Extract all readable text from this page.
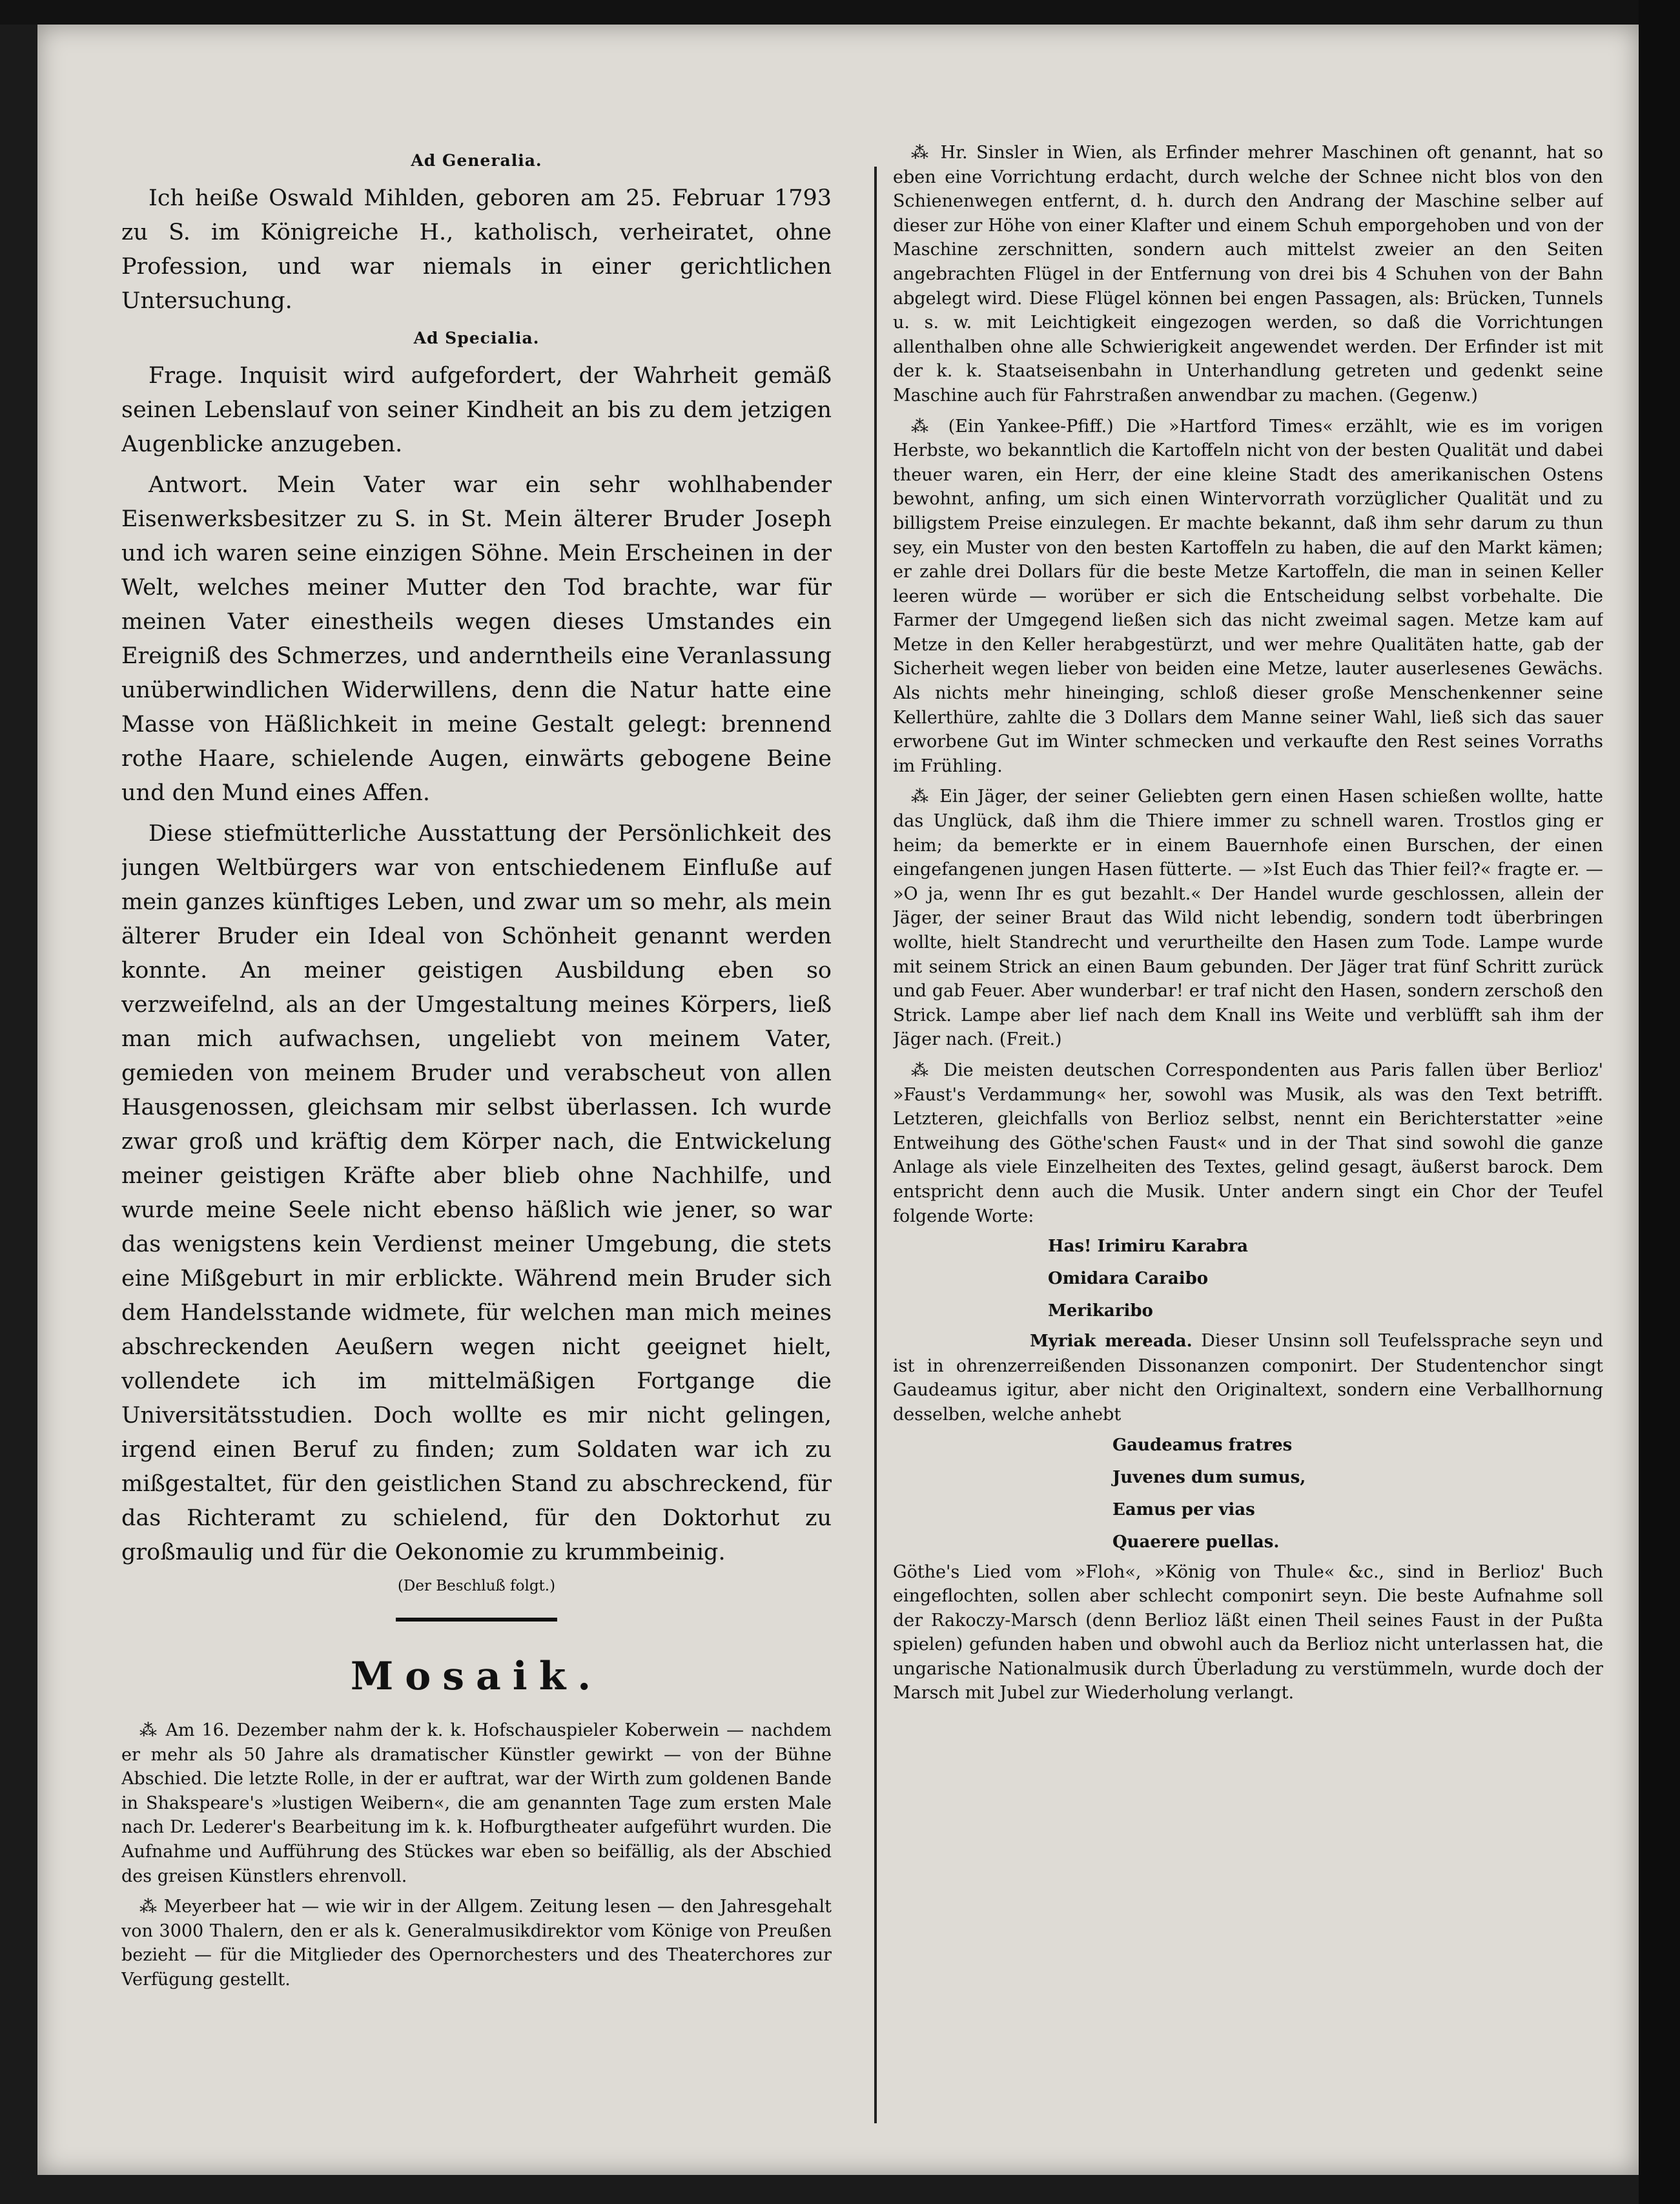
Ad Generalia.

Ich heiße Oswald Mihlden, geboren am 25. Februar 1793 zu S. im Königreiche H., katholisch, verheiratet, ohne Profession, und war niemals in einer gerichtlichen Untersuchung.

Ad Specialia.

Frage. Inquisit wird aufgefordert, der Wahrheit gemäß seinen Lebenslauf von seiner Kindheit an bis zu dem jetzigen Augenblicke anzugeben.

Antwort. Mein Vater war ein sehr wohlhabender Eisenwerksbesitzer zu S. in St. Mein älterer Bruder Joseph und ich waren seine einzigen Söhne. Mein Erscheinen in der Welt, welches meiner Mutter den Tod brachte, war für meinen Vater einestheils wegen dieses Umstandes ein Ereigniß des Schmerzes, und anderntheils eine Veranlassung unüberwindlichen Widerwillens, denn die Natur hatte eine Masse von Häßlichkeit in meine Gestalt gelegt: brennend rothe Haare, schielende Augen, einwärts gebogene Beine und den Mund eines Affen.

Diese stiefmütterliche Ausstattung der Persönlichkeit des jungen Weltbürgers war von entschiedenem Einfluße auf mein ganzes künftiges Leben, und zwar um so mehr, als mein älterer Bruder ein Ideal von Schönheit genannt werden konnte. An meiner geistigen Ausbildung eben so verzweifelnd, als an der Umgestaltung meines Körpers, ließ man mich aufwachsen, ungeliebt von meinem Vater, gemieden von meinem Bruder und verabscheut von allen Hausgenossen, gleichsam mir selbst überlassen. Ich wurde zwar groß und kräftig dem Körper nach, die Entwickelung meiner geistigen Kräfte aber blieb ohne Nachhilfe, und wurde meine Seele nicht ebenso häßlich wie jener, so war das wenigstens kein Verdienst meiner Umgebung, die stets eine Mißgeburt in mir erblickte. Während mein Bruder sich dem Handelsstande widmete, für welchen man mich meines abschreckenden Aeußern wegen nicht geeignet hielt, vollendete ich im mittelmäßigen Fortgange die Universitätsstudien. Doch wollte es mir nicht gelingen, irgend einen Beruf zu finden; zum Soldaten war ich zu mißgestaltet, für den geistlichen Stand zu abschreckend, für das Richteramt zu schielend, für den Doktorhut zu großmaulig und für die Oekonomie zu krummbeinig.

(Der Beschluß folgt.)
Mosaik.

⁂ Am 16. Dezember nahm der k. k. Hofschauspieler Koberwein — nachdem er mehr als 50 Jahre als dramatischer Künstler gewirkt — von der Bühne Abschied. Die letzte Rolle, in der er auftrat, war der Wirth zum goldenen Bande in Shakspeare's »lustigen Weibern«, die am genannten Tage zum ersten Male nach Dr. Lederer's Bearbeitung im k. k. Hofburgtheater aufgeführt wurden. Die Aufnahme und Aufführung des Stückes war eben so beifällig, als der Abschied des greisen Künstlers ehrenvoll.

⁂ Meyerbeer hat — wie wir in der Allgem. Zeitung lesen — den Jahresgehalt von 3000 Thalern, den er als k. Generalmusikdirektor vom Könige von Preußen bezieht — für die Mitglieder des Opernorchesters und des Theaterchores zur Verfügung gestellt.

⁂ Hr. Sinsler in Wien, als Erfinder mehrer Maschinen oft genannt, hat so eben eine Vorrichtung erdacht, durch welche der Schnee nicht blos von den Schienenwegen entfernt, d. h. durch den Andrang der Maschine selber auf dieser zur Höhe von einer Klafter und einem Schuh emporgehoben und von der Maschine zerschnitten, sondern auch mittelst zweier an den Seiten angebrachten Flügel in der Entfernung von drei bis 4 Schuhen von der Bahn abgelegt wird. Diese Flügel können bei engen Passagen, als: Brücken, Tunnels u. s. w. mit Leichtigkeit eingezogen werden, so daß die Vorrichtungen allenthalben ohne alle Schwierigkeit angewendet werden. Der Erfinder ist mit der k. k. Staatseisenbahn in Unterhandlung getreten und gedenkt seine Maschine auch für Fahrstraßen anwendbar zu machen. (Gegenw.)

⁂ (Ein Yankee-Pfiff.) Die »Hartford Times« erzählt, wie es im vorigen Herbste, wo bekanntlich die Kartoffeln nicht von der besten Qualität und dabei theuer waren, ein Herr, der eine kleine Stadt des amerikanischen Ostens bewohnt, anfing, um sich einen Wintervorrath vorzüglicher Qualität und zu billigstem Preise einzulegen. Er machte bekannt, daß ihm sehr darum zu thun sey, ein Muster von den besten Kartoffeln zu haben, die auf den Markt kämen; er zahle drei Dollars für die beste Metze Kartoffeln, die man in seinen Keller leeren würde — worüber er sich die Entscheidung selbst vorbehalte. Die Farmer der Umgegend ließen sich das nicht zweimal sagen. Metze kam auf Metze in den Keller herabgestürzt, und wer mehre Qualitäten hatte, gab der Sicherheit wegen lieber von beiden eine Metze, lauter auserlesenes Gewächs. Als nichts mehr hineinging, schloß dieser große Menschenkenner seine Kellerthüre, zahlte die 3 Dollars dem Manne seiner Wahl, ließ sich das sauer erworbene Gut im Winter schmecken und verkaufte den Rest seines Vorraths im Frühling.

⁂ Ein Jäger, der seiner Geliebten gern einen Hasen schießen wollte, hatte das Unglück, daß ihm die Thiere immer zu schnell waren. Trostlos ging er heim; da bemerkte er in einem Bauernhofe einen Burschen, der einen eingefangenen jungen Hasen fütterte. — »Ist Euch das Thier feil?« fragte er. — »O ja, wenn Ihr es gut bezahlt.« Der Handel wurde geschlossen, allein der Jäger, der seiner Braut das Wild nicht lebendig, sondern todt überbringen wollte, hielt Standrecht und verurtheilte den Hasen zum Tode. Lampe wurde mit seinem Strick an einen Baum gebunden. Der Jäger trat fünf Schritt zurück und gab Feuer. Aber wunderbar! er traf nicht den Hasen, sondern zerschoß den Strick. Lampe aber lief nach dem Knall ins Weite und verblüfft sah ihm der Jäger nach. (Freit.)

⁂ Die meisten deutschen Correspondenten aus Paris fallen über Berlioz' »Faust's Verdammung« her, sowohl was Musik, als was den Text betrifft. Letzteren, gleichfalls von Berlioz selbst, nennt ein Berichterstatter »eine Entweihung des Göthe'schen Faust« und in der That sind sowohl die ganze Anlage als viele Einzelheiten des Textes, gelind gesagt, äußerst barock. Dem entspricht denn auch die Musik. Unter andern singt ein Chor der Teufel folgende Worte:

Has! Irimiru Karabra
Omidara Caraibo
Merikaribo

Myriak mereada. Dieser Unsinn soll Teufelssprache seyn und ist in ohrenzerreißenden Dissonanzen componirt. Der Studentenchor singt Gaudeamus igitur, aber nicht den Originaltext, sondern eine Verballhornung desselben, welche anhebt

Gaudeamus fratres
Juvenes dum sumus,
Eamus per vias
Quaerere puellas.

Göthe's Lied vom »Floh«, »König von Thule« &c., sind in Berlioz' Buch eingeflochten, sollen aber schlecht componirt seyn. Die beste Aufnahme soll der Rakoczy-Marsch (denn Berlioz läßt einen Theil seines Faust in der Pußta spielen) gefunden haben und obwohl auch da Berlioz nicht unterlassen hat, die ungarische Nationalmusik durch Überladung zu verstümmeln, wurde doch der Marsch mit Jubel zur Wiederholung verlangt.
